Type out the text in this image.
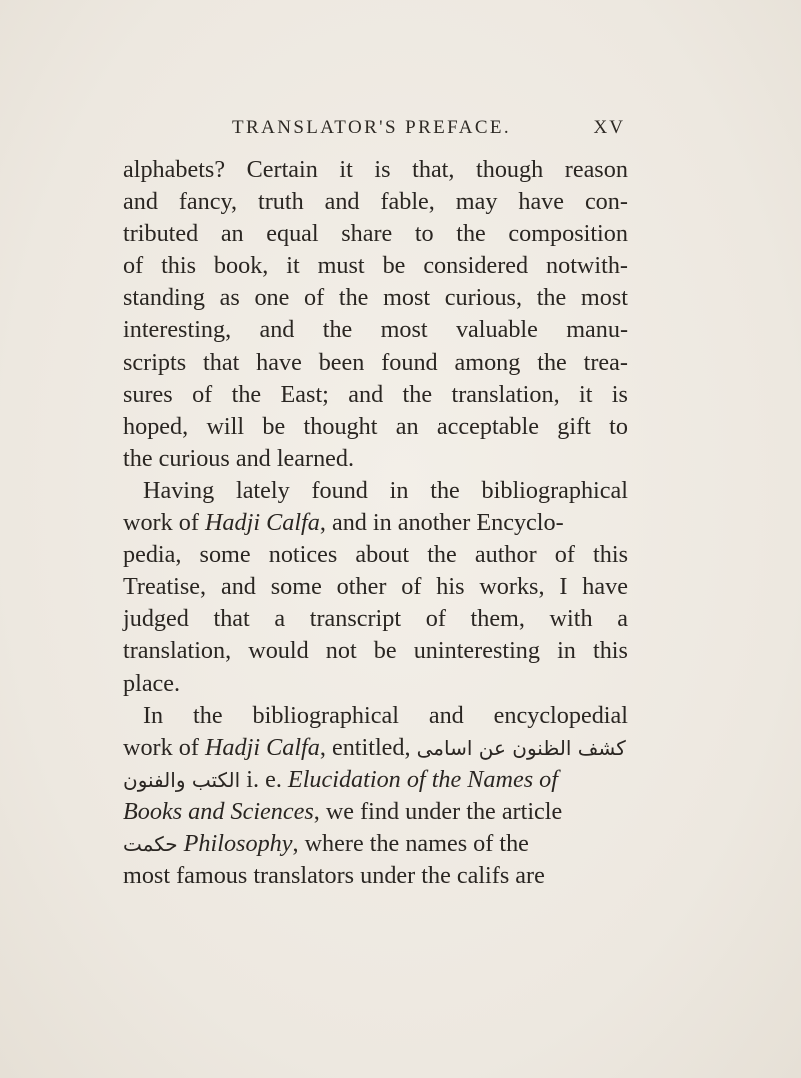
TRANSLATOR'S PREFACE.	XV
alphabets? Certain it is that, though reason
and fancy, truth and fable, may have con-
tributed an equal share to the composition
of this book, it must be considered notwith-
standing as one of the most curious, the most
interesting, and the most valuable manu-
scripts that have been found among the trea-
sures of the East; and the translation, it is
hoped, will be thought an acceptable gift to
the curious and learned.
Having lately found in the bibliographical
work of
Hadji Calfa , and in another Encyclo-
pedia, some notices about the author of this
Treatise, and some other of his works, I have
judged that a transcript of them, with a
translation, would not be uninteresting in this
place.
In the bibliographical and encyclopedial
work of
Hadji Calfa , entitled,
كشف الظنون عن اسامى
الكتب والفنون
i. e.
Elucidation of the Names of
Books and Sciences , we find under the article
حكمت
Philosophy , where the names of the
most famous translators under the califs are
